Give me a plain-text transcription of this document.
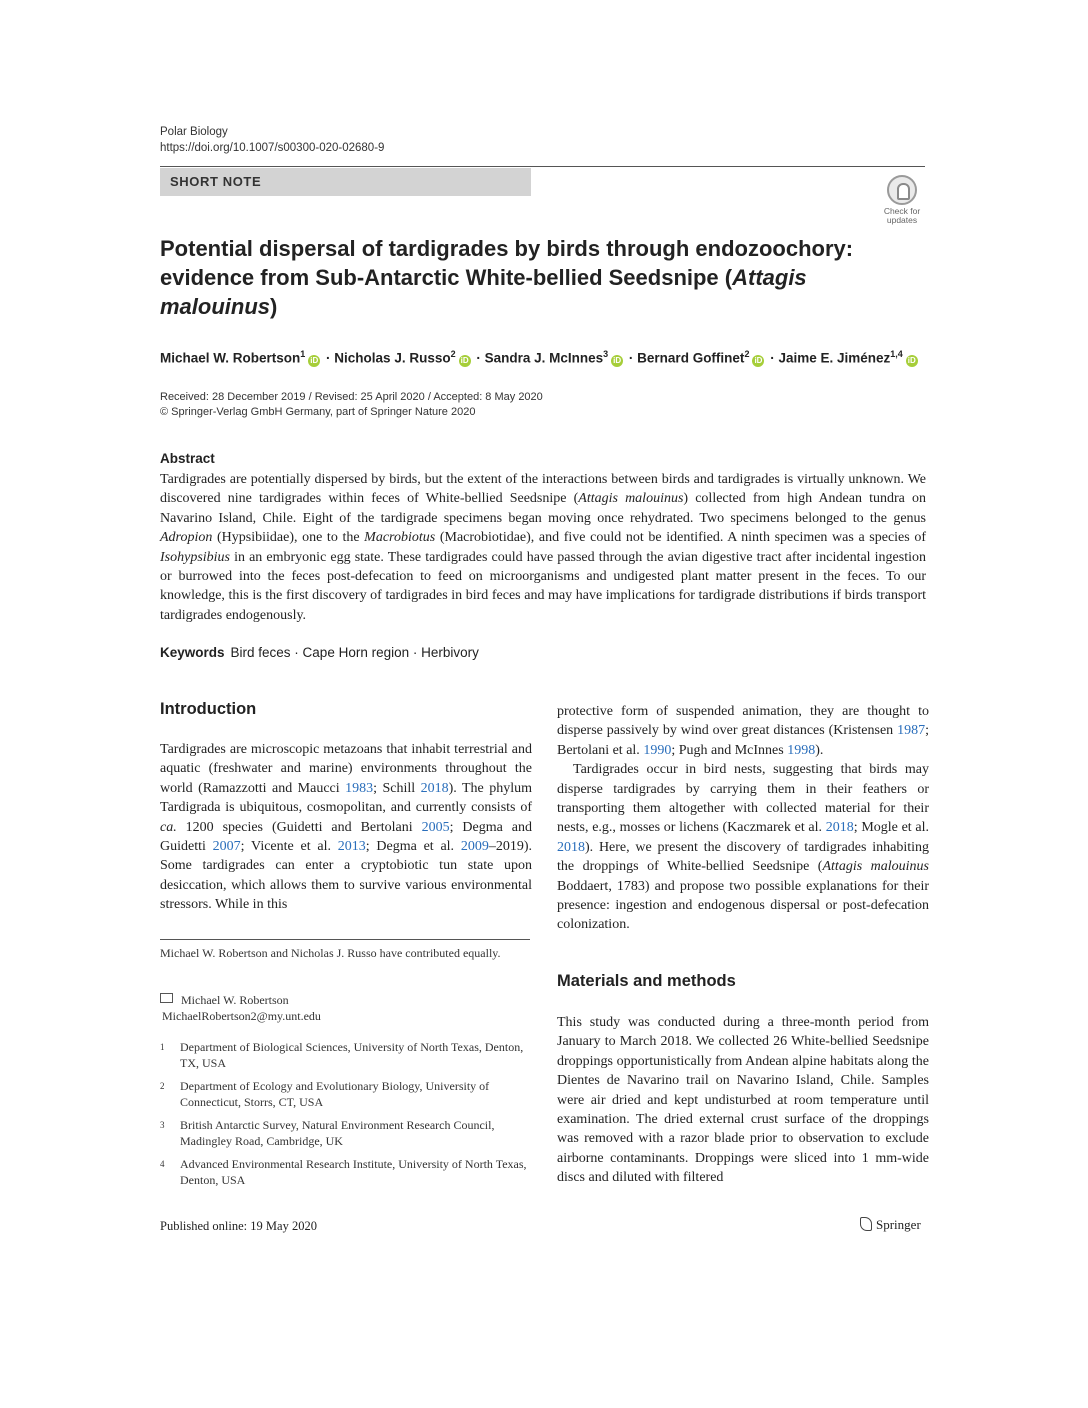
Polar Biology
https://doi.org/10.1007/s00300-020-02680-9
SHORT NOTE
Check for
updates
Potential dispersal of tardigrades by birds through endozoochory:
evidence from Sub-Antarctic White-bellied Seedsnipe (Attagis
malouinus)
Michael W. Robertson$^1$iD · Nicholas J. Russo$^2$iD · Sandra J. McInnes$^3$iD · Bernard Goffinet$^2$iD · Jaime E. Jiménez$^{1,4}$iD
Received: 28 December 2019 / Revised: 25 April 2020 / Accepted: 8 May 2020
© Springer-Verlag GmbH Germany, part of Springer Nature 2020
Abstract
Tardigrades are potentially dispersed by birds, but the extent of the interactions between birds and tardigrades is virtually unknown. We discovered nine tardigrades within feces of White-bellied Seedsnipe (Attagis malouinus) collected from high Andean tundra on Navarino Island, Chile. Eight of the tardigrade specimens began moving once rehydrated. Two specimens belonged to the genus Adropion (Hypsibiidae), one to the Macrobiotus (Macrobiotidae), and five could not be identified. A ninth specimen was a species of Isohypsibius in an embryonic egg state. These tardigrades could have passed through the avian digestive tract after incidental ingestion or burrowed into the feces post-defecation to feed on microorganisms and undigested plant matter present in the feces. To our knowledge, this is the first discovery of tardigrades in bird feces and may have implications for tardigrade distributions if birds transport tardigrades endogenously.
Keywords Bird feces · Cape Horn region · Herbivory
Introduction

Tardigrades are microscopic metazoans that inhabit terrestrial and aquatic (freshwater and marine) environments throughout the world (Ramazzotti and Maucci 1983; Schill 2018). The phylum Tardigrada is ubiquitous, cosmopolitan, and currently consists of ca. 1200 species (Guidetti and Bertolani 2005; Degma and Guidetti 2007; Vicente et al. 2013; Degma et al. 2009–2019). Some tardigrades can enter a cryptobiotic tun state upon desiccation, which allows them to survive various environmental stressors. While in this

Michael W. Robertson and Nicholas J. Russo have contributed equally.
Michael W. Robertson
MichaelRobertson2@my.unt.edu
1 Department of Biological Sciences, University of North Texas, Denton, TX, USA
2 Department of Ecology and Evolutionary Biology, University of Connecticut, Storrs, CT, USA
3 British Antarctic Survey, Natural Environment Research Council, Madingley Road, Cambridge, UK
4 Advanced Environmental Research Institute, University of North Texas, Denton, USA

protective form of suspended animation, they are thought to disperse passively by wind over great distances (Kristensen 1987; Bertolani et al. 1990; Pugh and McInnes 1998).

Tardigrades occur in bird nests, suggesting that birds may disperse tardigrades by carrying them in their feathers or transporting them altogether with collected material for their nests, e.g., mosses or lichens (Kaczmarek et al. 2018; Mogle et al. 2018). Here, we present the discovery of tardigrades inhabiting the droppings of White-bellied Seedsnipe (Attagis malouinus Boddaert, 1783) and propose two possible explanations for their presence: ingestion and endogenous dispersal or post-defecation colonization.

Materials and methods

This study was conducted during a three-month period from January to March 2018. We collected 26 White-bellied Seedsnipe droppings opportunistically from Andean alpine habitats along the Dientes de Navarino trail on Navarino Island, Chile. Samples were air dried and kept undisturbed at room temperature until examination. The dried external crust surface of the droppings was removed with a razor blade prior to observation to exclude airborne contaminants. Droppings were sliced into 1 mm-wide discs and diluted with filtered

Published online: 19 May 2020	Springer
